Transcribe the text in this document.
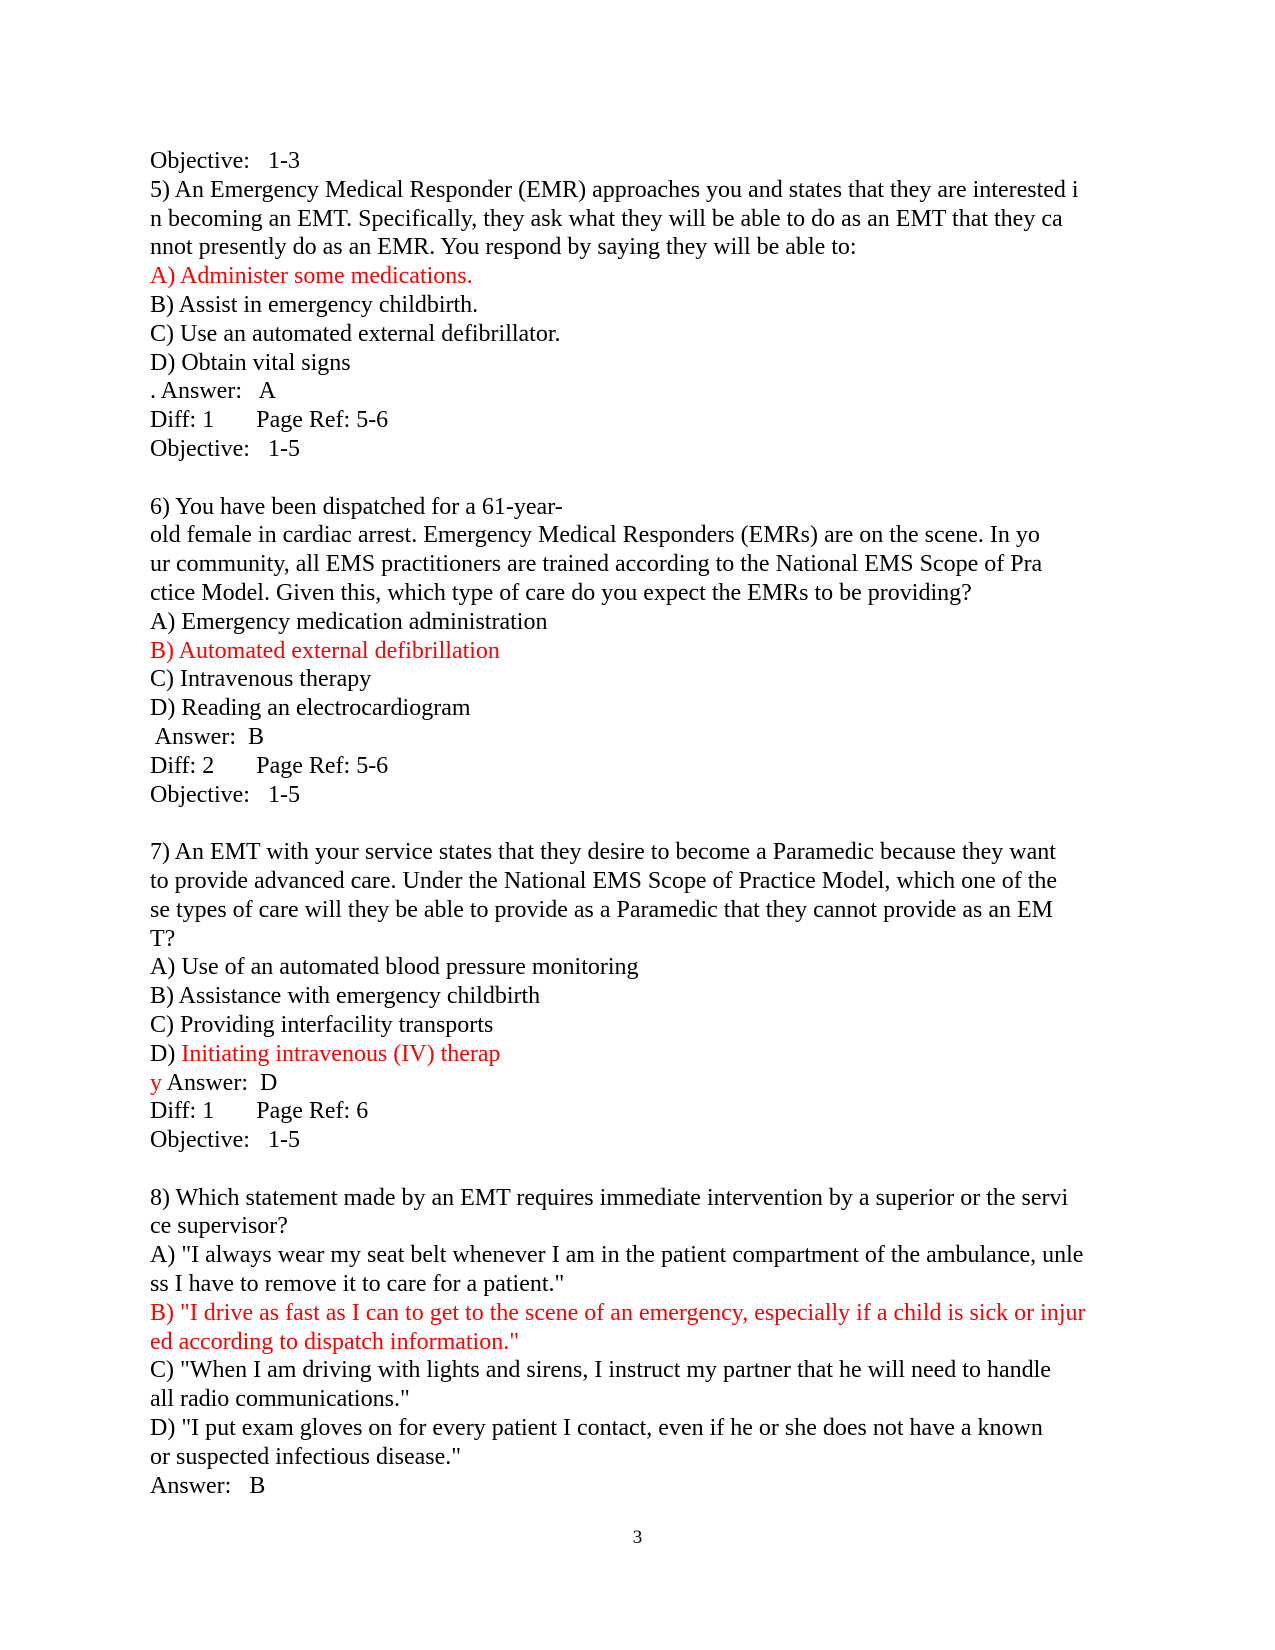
Objective:   1-3
5) An Emergency Medical Responder (EMR) approaches you and states that they are interested i
n becoming an EMT. Specifically, they ask what they will be able to do as an EMT that they ca
nnot presently do as an EMR. You respond by saying they will be able to:
A) Administer some medications.
B) Assist in emergency childbirth.
C) Use an automated external defibrillator.
D) Obtain vital signs
. Answer:   A
Diff: 1       Page Ref: 5-6
Objective:   1-5
6) You have been dispatched for a 61-year-
old female in cardiac arrest. Emergency Medical Responders (EMRs) are on the scene. In yo
ur community, all EMS practitioners are trained according to the National EMS Scope of Pra
ctice Model. Given this, which type of care do you expect the EMRs to be providing?
A) Emergency medication administration
B) Automated external defibrillation
C) Intravenous therapy
D) Reading an electrocardiogram
Answer:  B
Diff: 2       Page Ref: 5-6
Objective:   1-5
7) An EMT with your service states that they desire to become a Paramedic because they want
to provide advanced care. Under the National EMS Scope of Practice Model, which one of the
se types of care will they be able to provide as a Paramedic that they cannot provide as an EM
T?
A) Use of an automated blood pressure monitoring
B) Assistance with emergency childbirth
C) Providing interfacility transports
D) Initiating intravenous (IV) therap
y Answer:  D
Diff: 1       Page Ref: 6
Objective:   1-5
8) Which statement made by an EMT requires immediate intervention by a superior or the servi
ce supervisor?
A) "I always wear my seat belt whenever I am in the patient compartment of the ambulance, unle
ss I have to remove it to care for a patient."
B) "I drive as fast as I can to get to the scene of an emergency, especially if a child is sick or injur
ed according to dispatch information."
C) "When I am driving with lights and sirens, I instruct my partner that he will need to handle
all radio communications."
D) "I put exam gloves on for every patient I contact, even if he or she does not have a known
or suspected infectious disease."
Answer:   B
3
